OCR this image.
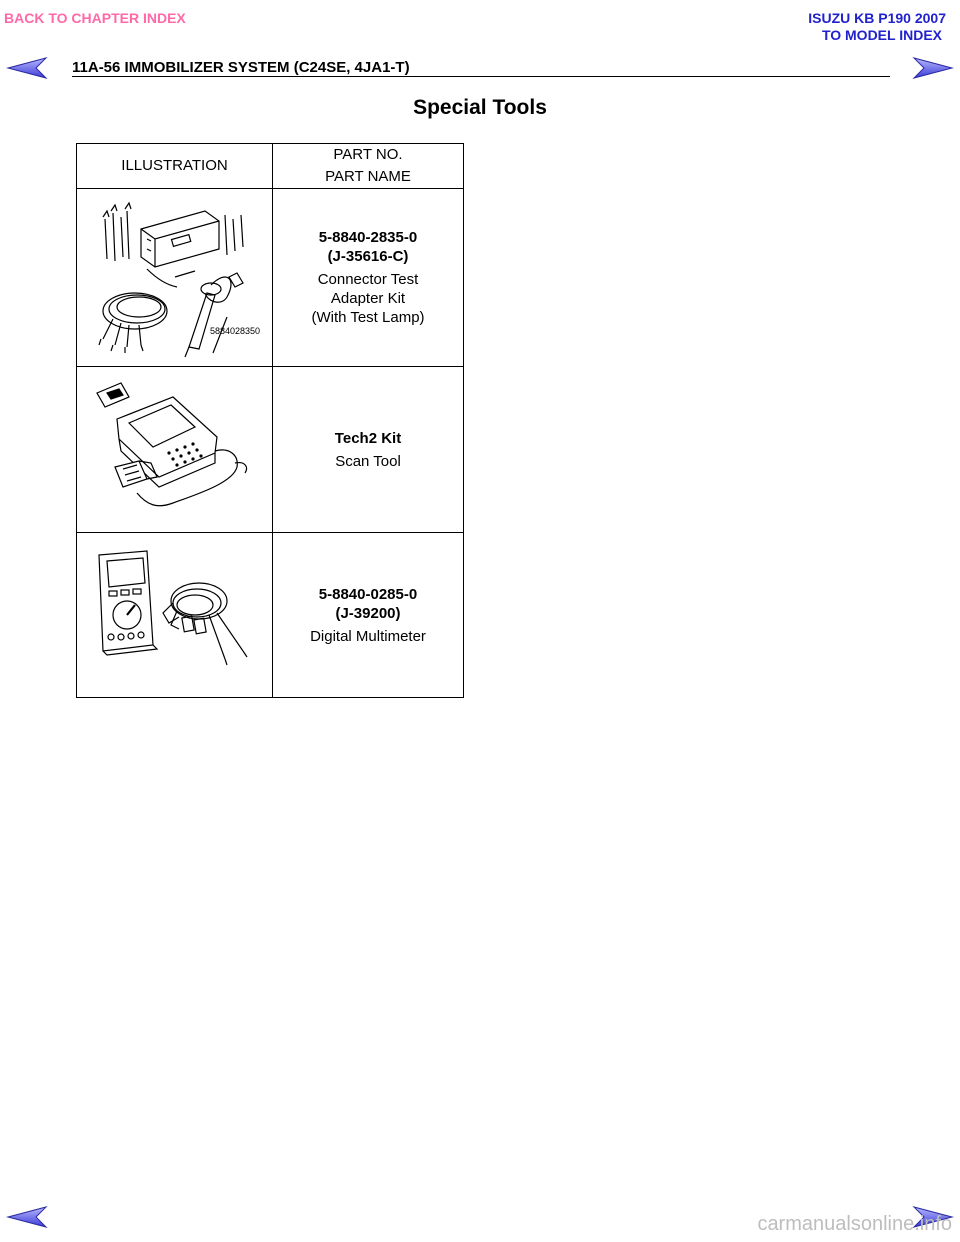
BACK TO CHAPTER INDEX	ISUZU KB P190 2007
TO MODEL INDEX
11A-56 IMMOBILIZER SYSTEM (C24SE, 4JA1-T)
Special Tools
ILLUSTRATION	PART NO.
PART NAME

5884028350	5-8840-2835-0
(J-35616-C)
Connector Test
Adapter Kit
(With Test Lamp)

Tech2 Kit
Scan Tool

5-8840-0285-0
(J-39200)
Digital Multimeter
carmanualsonline.info
